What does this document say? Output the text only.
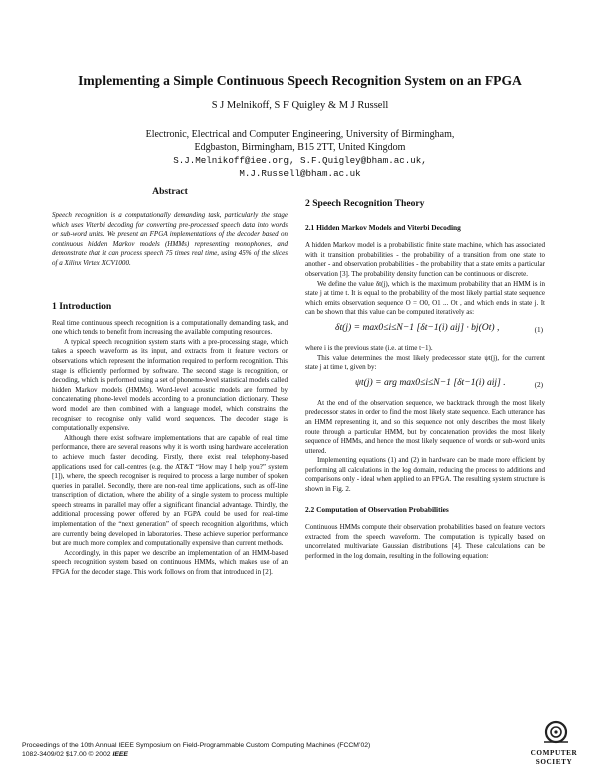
Implementing a Simple Continuous Speech Recognition System on an FPGA
S J Melnikoff, S F Quigley & M J Russell
Electronic, Electrical and Computer Engineering, University of Birmingham,
Edgbaston, Birmingham, B15 2TT, United Kingdom
S.J.Melnikoff@iee.org, S.F.Quigley@bham.ac.uk,
M.J.Russell@bham.ac.uk
Abstract
Speech recognition is a computationally demanding task, particularly the stage which uses Viterbi decoding for converting pre-processed speech data into words or sub-word units. We present an FPGA implementations of the decoder based on continuous hidden Markov models (HMMs) representing monophones, and demonstrate that it can process speech 75 times real time, using 45% of the slices of a Xilinx Virtex XCV1000.
1 Introduction

Real time continuous speech recognition is a computationally demanding task, and one which tends to benefit from increasing the available computing resources.

A typical speech recognition system starts with a pre-processing stage, which takes a speech waveform as its input, and extracts from it feature vectors or observations which represent the information required to perform recognition. This stage is efficiently performed by software. The second stage is recognition, or decoding, which is performed using a set of phoneme-level statistical models called hidden Markov models (HMMs). Word-level acoustic models are formed by concatenating phone-level models according to a pronunciation dictionary. These word model are then combined with a language model, which constrains the recogniser to recognise only valid word sequences. The decoder stage is computationally expensive.

Although there exist software implementations that are capable of real time performance, there are several reasons why it is worth using hardware acceleration to achieve much faster decoding. Firstly, there exist real telephony-based applications used for call-centres (e.g. the AT&T “How may I help you?” system [1]), where, the speech recogniser is required to process a large number of spoken queries in parallel. Secondly, there are non-real time applications, such as off-line transcription of dictation, where the ability of a single system to process multiple speech streams in parallel may offer a significant financial advantage. Thirdly, the additional processing power offered by an FGPA could be used for real-time implementation of the “next generation” of speech recognition algorithms, which are currently being developed in laboratories. These achieve superior performance but are much more complex and computationally expensive than current methods.

Accordingly, in this paper we describe an implementation of an HMM-based speech recognition system based on continuous HMMs, which makes use of an FPGA for the decoder stage. This work follows on from that introduced in [2].

2 Speech Recognition Theory
2.1 Hidden Markov Models and Viterbi Decoding

A hidden Markov model is a probabilistic finite state machine, which has associated with it transition probabilities - the probability of a transition from one state to another - and observation probabilities - the probability that a state emits a particular observation [3]. The probability density function can be continuous or discrete.

We define the value δt(j), which is the maximum probability that an HMM is in state j at time t. It is equal to the probability of the most likely partial state sequence which emits observation sequence O = O0, O1 ... Ot , and which ends in state j. It can be shown that this value can be computed iteratively as:

δt(j) = max0≤i≤N−1 [δt−1(i) aij] · bj(Ot) ,	(1)

where i is the previous state (i.e. at time t−1).

This value determines the most likely predecessor state ψt(j), for the current state j at time t, given by:

ψt(j) = arg max0≤i≤N−1 [δt−1(i) aij] .	(2)

At the end of the observation sequence, we backtrack through the most likely predecessor states in order to find the most likely state sequence. Each utterance has an HMM representing it, and so this sequence not only describes the most likely route through a particular HMM, but by concatenation provides the most likely sequence of HMMs, and hence the most likely sequence of words or sub-word units uttered.

Implementing equations (1) and (2) in hardware can be made more efficient by performing all calculations in the log domain, reducing the process to additions and comparisons only - ideal when applied to an FPGA. The resulting system structure is shown in Fig. 2.

2.2 Computation of Observation Probabilities

Continuous HMMs compute their observation probabilities based on feature vectors extracted from the speech waveform. The computation is typically based on uncorrelated multivariate Gaussian distributions [4]. These calculations can be performed in the log domain, resulting in the following equation:

Proceedings of the 10th Annual IEEE Symposium on Field-Programmable Custom Computing Machines (FCCM’02)
1082-3409/02 $17.00 © 2002 IEEE	COMPUTER
SOCIETY
